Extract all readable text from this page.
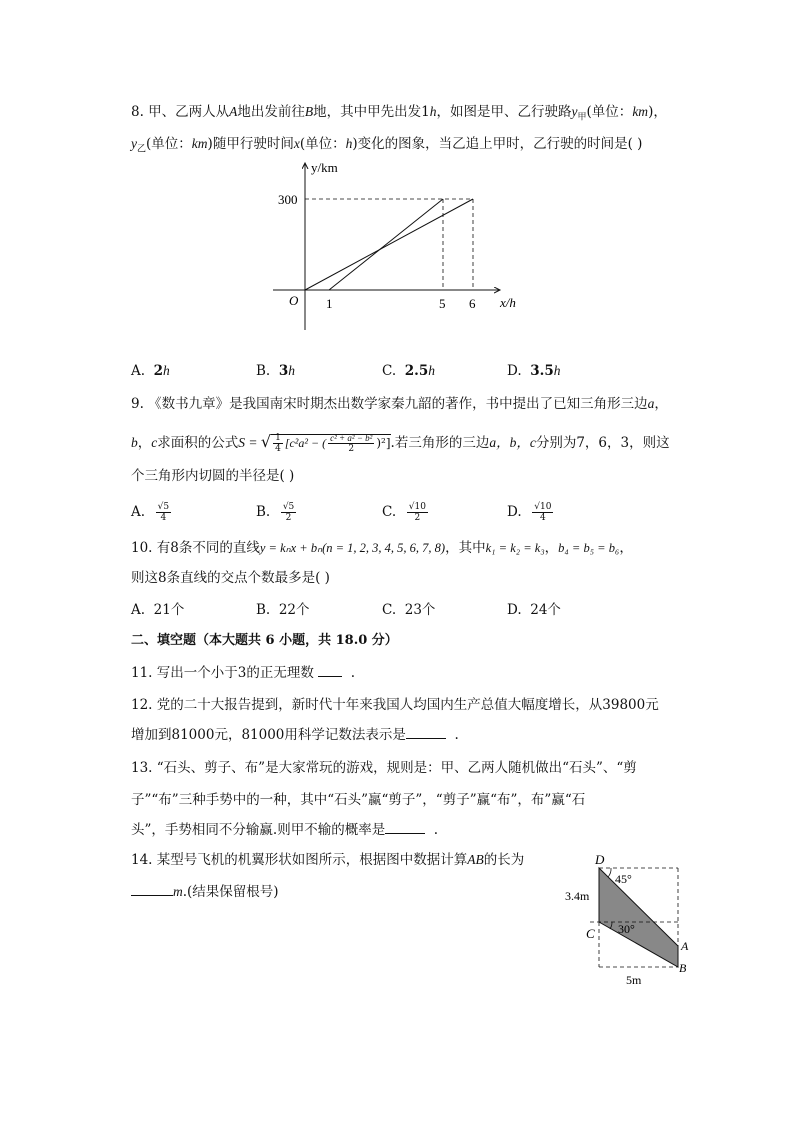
8. 甲、乙两人从A地出发前往B地，其中甲先出发1h，如图是甲、乙行驶路$y_甲$(单位：km)，
$y_乙$(单位：km)随甲行驶时间x(单位：h)变化的图象，当乙追上甲时，乙行驶的时间是( )
y/km
x/h
O
300
1	5 6
A. 2h	B. 3h	C. 2.5h	D. 3.5h
9. 《数书九章》是我国南宋时期杰出数学家秦九韶的著作，书中提出了已知三角形三边a，
b，c求面积的公式S = √ $\frac{1}{4} [c^2a^2$ − ( $\frac{\text{c² + a² − b²}}{2} )^2$].若三角形的三边a，b，c分别为7，6，3，则这
个三角形内切圆的半径是( )
A. $\frac{√5}{4}$	B. $\frac{√5}{2}$	C. $\frac{√10}{2}$	D. $\frac{√10}{4}$
10. 有8条不同的直线y = kₙx + bₙ(n = 1, 2, 3, 4, 5, 6, 7, 8)，其中k₁ = k₂ = k₃，b₄ = b₅ = b₆，
则这8条直线的交点个数最多是( )
A. 21个	B. 22个	C. 23个	D. 24个
二、填空题（本大题共 6 小题，共 18.0 分）
11. 写出一个小于3的正无理数	.
12. 党的二十大报告提到，新时代十年来我国人均国内生产总值大幅度增长，从39800元
增加到81000元，81000用科学记数法表示是	.
13. “石头、剪子、布”是大家常玩的游戏，规则是：甲、乙两人随机做出“石头”、“剪
子”“布”三种手势中的一种，其中“石头”赢“剪子”，“剪子”赢“布”，布”赢“石
头”，手势相同不分输赢.则甲不输的概率是	.
14. 某型号飞机的机翼形状如图所示，根据图中数据计算AB的长为
m.(结果保留根号)
D
C
A
B
45°
30°
3.4m
5m
